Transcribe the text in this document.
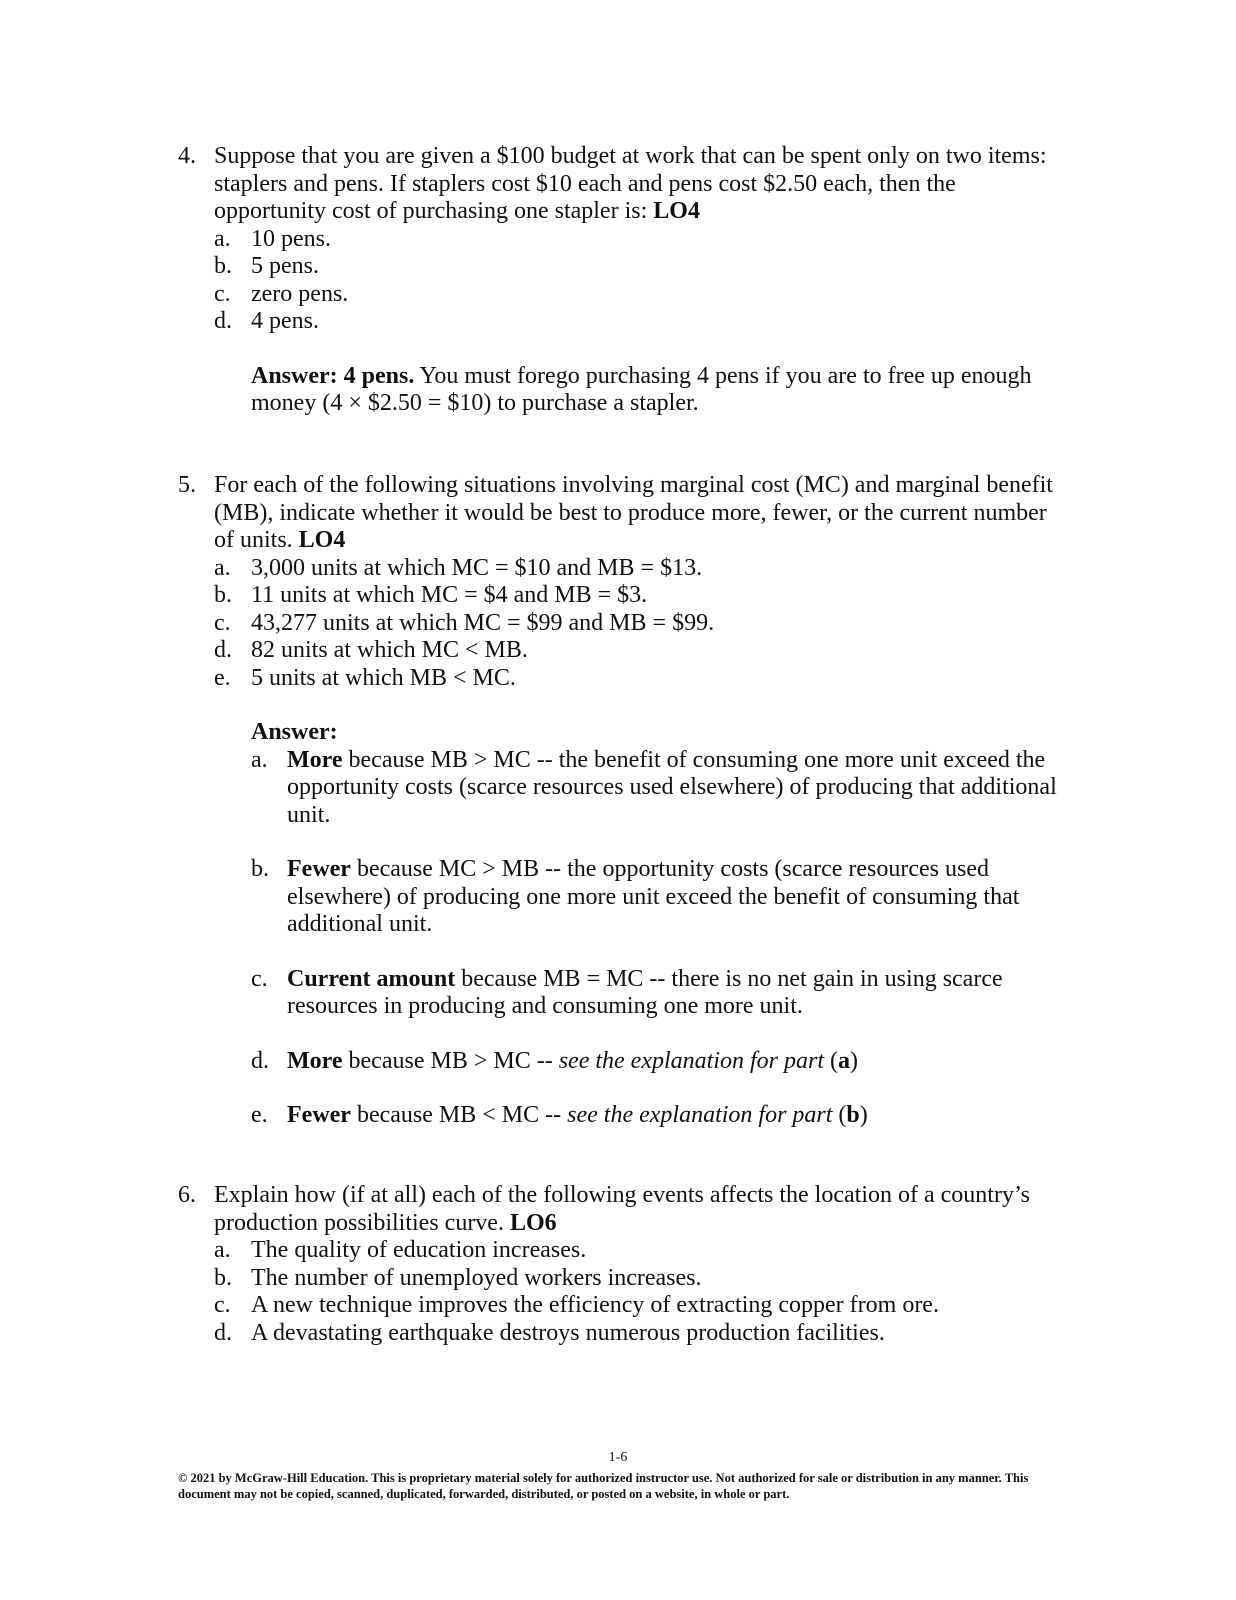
4. Suppose that you are given a $100 budget at work that can be spent only on two items: staplers and pens. If staplers cost $10 each and pens cost $2.50 each, then the opportunity cost of purchasing one stapler is: LO4
a. 10 pens.
b. 5 pens.
c. zero pens.
d. 4 pens.
Answer: 4 pens. You must forego purchasing 4 pens if you are to free up enough money (4 × $2.50 = $10) to purchase a stapler.
5. For each of the following situations involving marginal cost (MC) and marginal benefit (MB), indicate whether it would be best to produce more, fewer, or the current number of units. LO4
a. 3,000 units at which MC = $10 and MB = $13.
b. 11 units at which MC = $4 and MB = $3.
c. 43,277 units at which MC = $99 and MB = $99.
d. 82 units at which MC < MB.
e. 5 units at which MB < MC.
Answer:
a. More because MB > MC -- the benefit of consuming one more unit exceed the opportunity costs (scarce resources used elsewhere) of producing that additional unit.
b. Fewer because MC > MB -- the opportunity costs (scarce resources used elsewhere) of producing one more unit exceed the benefit of consuming that additional unit.
c. Current amount because MB = MC -- there is no net gain in using scarce resources in producing and consuming one more unit.
d. More because MB > MC -- see the explanation for part (a)
e. Fewer because MB < MC -- see the explanation for part (b)
6. Explain how (if at all) each of the following events affects the location of a country’s production possibilities curve. LO6
a. The quality of education increases.
b. The number of unemployed workers increases.
c. A new technique improves the efficiency of extracting copper from ore.
d. A devastating earthquake destroys numerous production facilities.
1-6
© 2021 by McGraw-Hill Education. This is proprietary material solely for authorized instructor use. Not authorized for sale or distribution in any manner. This document may not be copied, scanned, duplicated, forwarded, distributed, or posted on a website, in whole or part.
